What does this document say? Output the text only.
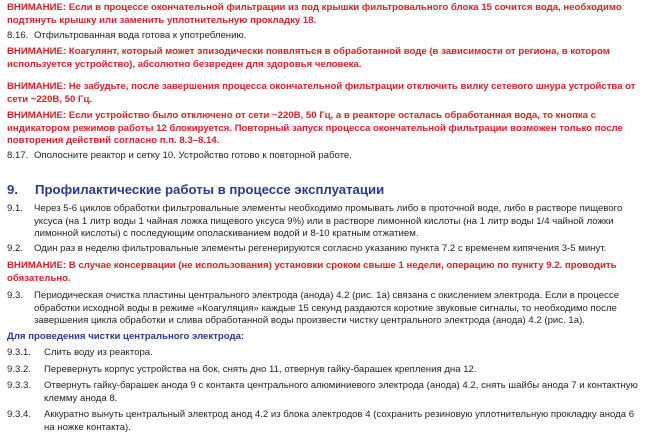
ВНИМАНИЕ: Если в процессе окончательной фильтрации из под крышки фильтровального блока 15 сочится вода, необходимо подтянуть крышку или заменить уплотнительную прокладку 18.

8.16. Отфильтрованная вода готова к употреблению.

ВНИМАНИЕ: Коагулянт, который может эпизодически появляться в обработанной воде (в зависимости от региона, в котором используется устройство), абсолютно безвреден для здоровья человека.

ВНИМАНИЕ: Не забудьте, после завершения процесса окончательной фильтрации отключить вилку сетевого шнура устройства от сети ~220В, 50 Гц.

ВНИМАНИЕ: Если устройство было отключено от сети ~220В, 50 Гц, а в реакторе осталась обработанная вода, то кнопка с индикатором режимов работы 12 блокируется. Повторный запуск процесса окончательной фильтрации возможен только после повторения действий согласно п.п. 8.3–8.14.

8.17. Ополосните реактор и сетку 10. Устройство готово к повторной работе.

9.	Профилактические работы в процессе эксплуатации

9.1.	Через 5-6 циклов обработки фильтровальные элементы необходимо промывать либо в проточной воде, либо в растворе пищевого уксуса (на 1 литр воды 1 чайная ложка пищевого уксуса 9%) или в растворе лимонной кислоты (на 1 литр воды 1/4 чайной ложки лимонной кислоты) с последующим ополаскиванием водой и 8-10 кратным отжатием.

9.2.	Один раз в неделю фильтровальные элементы регенерируются согласно указанию пункта 7.2 с временем кипячения 3-5 минут.

ВНИМАНИЕ: В случае консервации (не использования) установки сроком свыше 1 недели, операцию по пункту 9.2. проводить обязательно.

9.3.	Периодическая очистка пластины центрального электрода (анода) 4.2 (рис. 1а) связана с окислением электрода. Если в процессе обработки исходной воды в режиме «Коагуляция» каждые 15 секунд раздаются короткие звуковые сигналы, то необходимо после завершения цикла обработки и слива обработанной воды произвести чистку центрального электрода (анода) 4.2 (рис. 1а).

Для проведения чистки центрального электрода:

9.3.1.	Слить воду из реактора.

9.3.2.	Перевернуть корпус устройства на бок, снять дно 11, отвернув гайку-барашек крепления дна 12.

9.3.3.	Отвернуть гайку-барашек анода 9 с контакта центрального алюминиевого электрода (анода) 4.2, снять шайбы анода 7 и контактную клемму анода 8.

9.3.4.	Аккуратно вынуть центральный электрод анод 4.2 из блока электродов 4 (сохранить резиновую уплотнительную прокладку анода 6 на ножке контакта).
